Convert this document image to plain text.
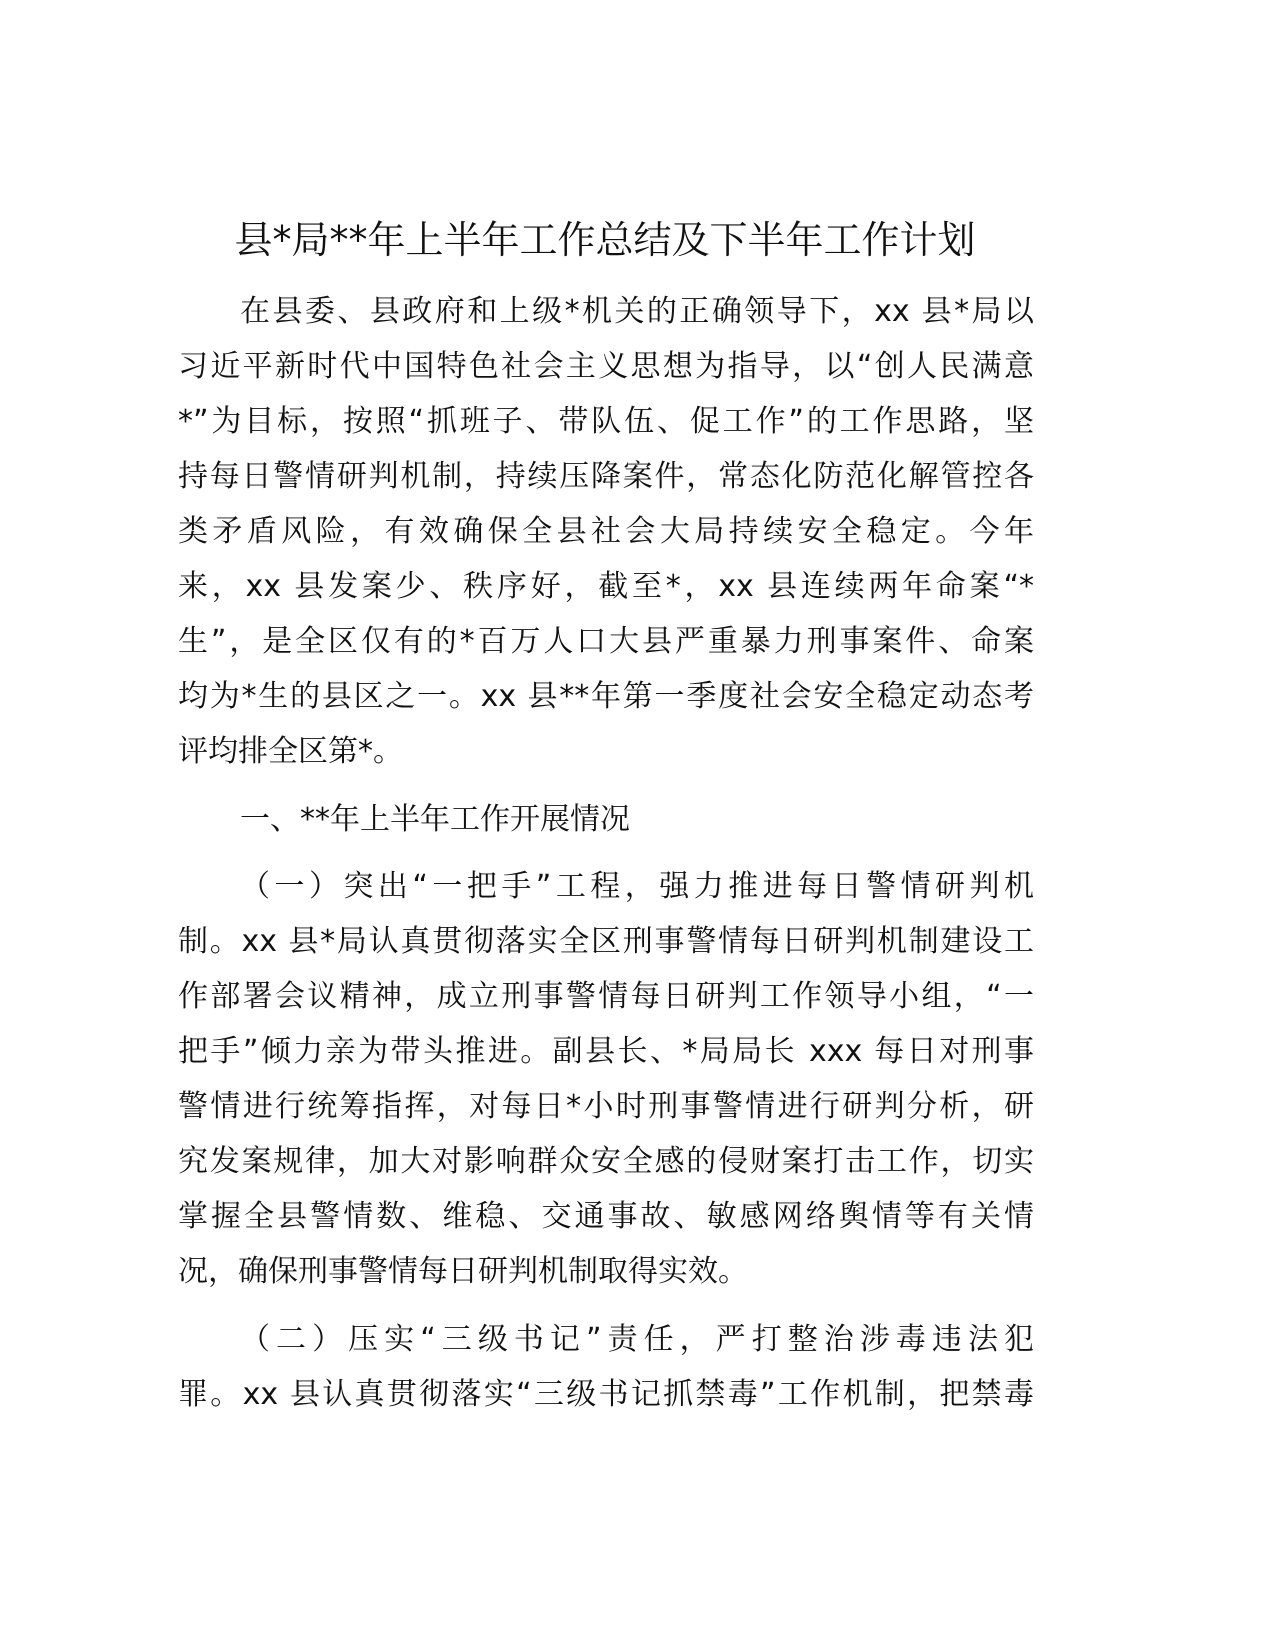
县*局**年上半年工作总结及下半年工作计划
在县委、县政府和上级*机关的正确领导下，xx 县*局以
习近平新时代中国特色社会主义思想为指导，以“创人民满意
*”为目标，按照“抓班子、带队伍、促工作”的工作思路，坚
持每日警情研判机制，持续压降案件，常态化防范化解管控各
类矛盾风险，有效确保全县社会大局持续安全稳定。今年
来，xx 县发案少、秩序好，截至*，xx 县连续两年命案“*
生”，是全区仅有的*百万人口大县严重暴力刑事案件、命案
均为*生的县区之一。xx 县**年第一季度社会安全稳定动态考
评均排全区第*。
一、**年上半年工作开展情况
（一）突出“一把手”工程，强力推进每日警情研判机
制。xx 县*局认真贯彻落实全区刑事警情每日研判机制建设工
作部署会议精神，成立刑事警情每日研判工作领导小组，“一
把手”倾力亲为带头推进。副县长、*局局长 xxx 每日对刑事
警情进行统筹指挥，对每日*小时刑事警情进行研判分析，研
究发案规律，加大对影响群众安全感的侵财案打击工作，切实
掌握全县警情数、维稳、交通事故、敏感网络舆情等有关情
况，确保刑事警情每日研判机制取得实效。
（二）压实“三级书记”责任，严打整治涉毒违法犯
罪。xx 县认真贯彻落实“三级书记抓禁毒”工作机制，把禁毒
